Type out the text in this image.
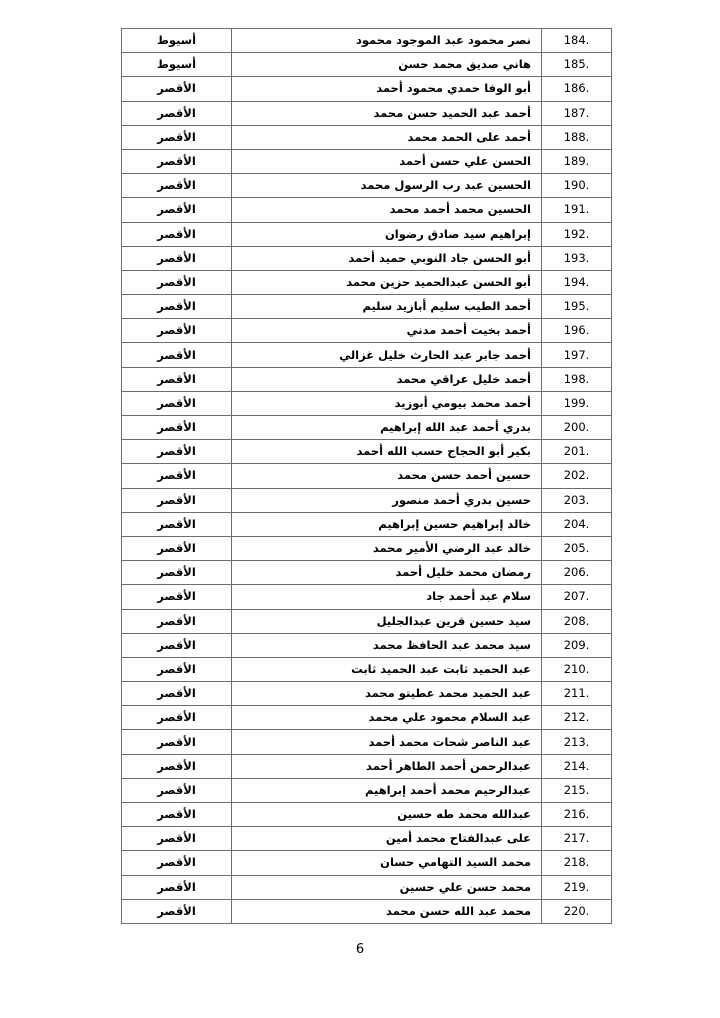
أسيوط	نصر محمود عبد الموجود محمود	184.
أسيوط	هاني صديق محمد حسن	185.
الأقصر	أبو الوفا حمدي محمود أحمد	186.
الأقصر	أحمد عبد الحميد حسن محمد	187.
الأقصر	أحمد على الحمد محمد	188.
الأقصر	الحسن علي حسن أحمد	189.
الأقصر	الحسين عبد رب الرسول محمد	190.
الأقصر	الحسين محمد أحمد محمد	191.
الأقصر	إبراهيم سيد صادق رضوان	192.
الأقصر	أبو الحسن جاد النوبي حميد أحمد	193.
الأقصر	أبو الحسن عبدالحميد حزين محمد	194.
الأقصر	أحمد الطيب سليم أبازيد سليم	195.
الأقصر	أحمد بخيت أحمد مدني	196.
الأقصر	أحمد جابر عبد الحارث خليل غزالي	197.
الأقصر	أحمد خليل عراقي محمد	198.
الأقصر	أحمد محمد بيومي أبوزيد	199.
الأقصر	بدري أحمد عبد الله إبراهيم	200.
الأقصر	بكير أبو الحجاج حسب الله أحمد	201.
الأقصر	حسين أحمد حسن محمد	202.
الأقصر	حسين بدري أحمد منصور	203.
الأقصر	خالد إبراهيم حسين إبراهيم	204.
الأقصر	خالد عبد الرضي الأمير محمد	205.
الأقصر	رمضان محمد خليل أحمد	206.
الأقصر	سلام عبد أحمد جاد	207.
الأقصر	سيد حسين قرين عبدالجليل	208.
الأقصر	سيد محمد عبد الحافظ محمد	209.
الأقصر	عبد الحميد ثابت عبد الحميد ثابت	210.
الأقصر	عبد الحميد محمد عطيتو محمد	211.
الأقصر	عبد السلام محمود علي محمد	212.
الأقصر	عبد الناصر شحات محمد أحمد	213.
الأقصر	عبدالرحمن أحمد الطاهر أحمد	214.
الأقصر	عبدالرحيم محمد أحمد إبراهيم	215.
الأقصر	عبدالله محمد طه حسين	216.
الأقصر	على عبدالفتاح محمد أمين	217.
الأقصر	محمد السيد التهامي حسان	218.
الأقصر	محمد حسن علي حسين	219.
الأقصر	محمد عبد الله حسن محمد	220.
6
